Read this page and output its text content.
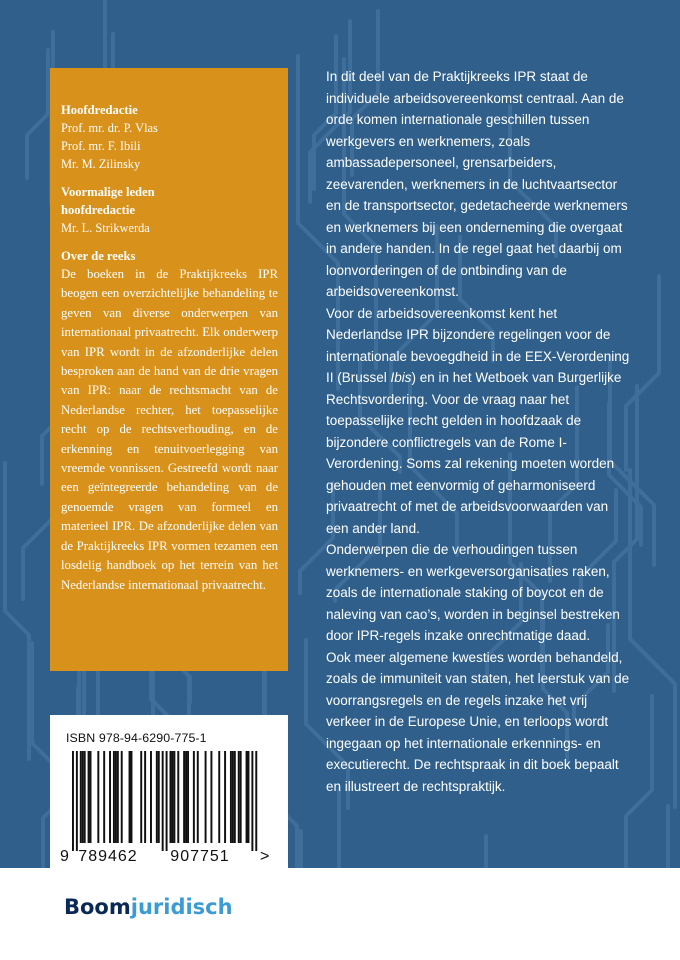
Hoofdredactie
Prof. mr. dr. P. Vlas
Prof. mr. F. Ibili
Mr. M. Zilinsky
Voormalige leden
hoofdredactie
Mr. L. Strikwerda
Over de reeks

De boeken in de Praktijkreeks IPR beogen een overzichtelijke behandeling te geven van diverse onderwerpen van internationaal privaatrecht. Elk onderwerp van IPR wordt in de afzonderlijke delen besproken aan de hand van de drie vragen van IPR: naar de rechtsmacht van de Nederlandse rechter, het toepasselijke recht op de rechtsverhouding, en de erkenning en tenuitvoerlegging van vreemde vonnissen. Gestreefd wordt naar een geïntegreerde behandeling van de genoemde vragen van formeel en materieel IPR. De afzonderlijke delen van de Praktijkreeks IPR vormen tezamen een losdelig handboek op het terrein van het Nederlandse internationaal privaatrecht.

In dit deel van de Praktijkreeks IPR staat de individuele arbeidsovereenkomst centraal. Aan de orde komen internationale geschillen tussen werkgevers en werknemers, zoals ambassadepersoneel, grensarbeiders, zeevarenden, werknemers in de luchtvaartsector en de transportsector, gedetacheerde werknemers en werknemers bij een onderneming die overgaat in andere handen. In de regel gaat het daarbij om loonvorderingen of de ontbinding van de arbeidsovereenkomst.

Voor de arbeidsovereenkomst kent het Nederlandse IPR bijzondere regelingen voor de internationale bevoegdheid in de EEX-Verordening II (Brussel Ibis) en in het Wetboek van Burgerlijke Rechtsvordering. Voor de vraag naar het toepasselijke recht gelden in hoofdzaak de bijzondere conflictregels van de Rome I-Verordening. Soms zal rekening moeten worden gehouden met eenvormig of geharmoniseerd privaatrecht of met de arbeidsvoorwaarden van een ander land.

Onderwerpen die de verhoudingen tussen werknemers- en werkgeversorganisaties raken, zoals de internationale staking of boycot en de naleving van cao’s, worden in beginsel bestreken door IPR-regels inzake onrechtmatige daad.

Ook meer algemene kwesties worden behandeld, zoals de immuniteit van staten, het leerstuk van de voorrangsregels en de regels inzake het vrij verkeer in de Europese Unie, en terloops wordt ingegaan op het internationale erkennings- en executierecht. De rechtspraak in dit boek bepaalt en illustreert de rechtspraktijk.

ISBN 978-94-6290-775-1
9 789462 907751 >
Boomjuridisch
